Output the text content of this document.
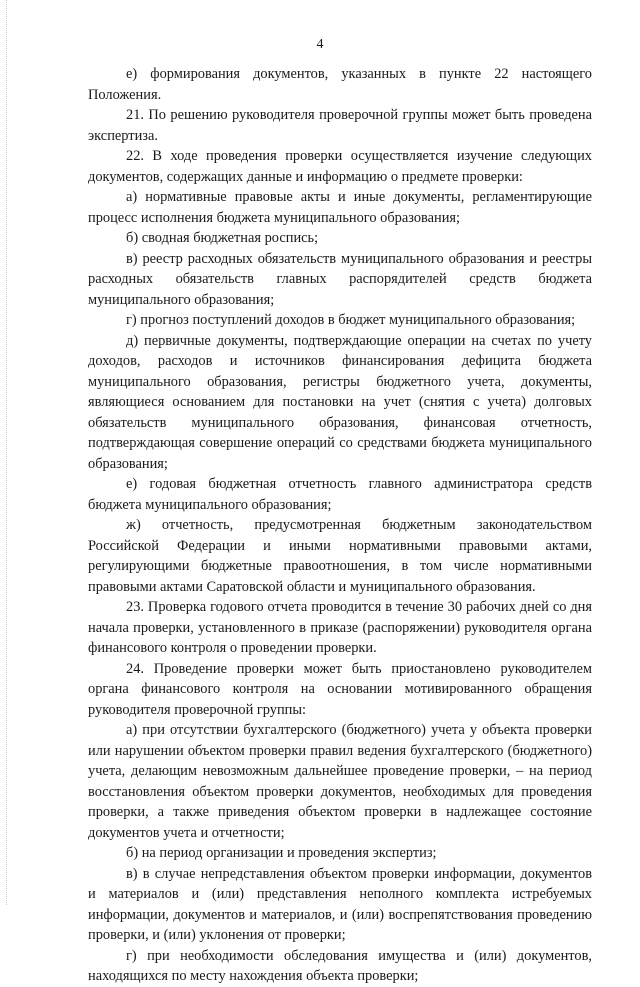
4

е) формирования документов, указанных в пункте 22 настоящего Положения.

21. По решению руководителя проверочной группы может быть проведена экспертиза.

22. В ходе проведения проверки осуществляется изучение следующих документов, содержащих данные и информацию о предмете проверки:

а) нормативные правовые акты и иные документы, регламентирующие процесс исполнения бюджета муниципального образования;

б) сводная бюджетная роспись;

в) реестр расходных обязательств муниципального образования и реестры расходных обязательств главных распорядителей средств бюджета муниципального образования;

г) прогноз поступлений доходов в бюджет муниципального образования;

д) первичные документы, подтверждающие операции на счетах по учету доходов, расходов и источников финансирования дефицита бюджета муниципального образования, регистры бюджетного учета, документы, являющиеся основанием для постановки на учет (снятия с учета) долговых обязательств муниципального образования, финансовая отчетность, подтверждающая совершение операций со средствами бюджета муниципального образования;

е) годовая бюджетная отчетность главного администратора средств бюджета муниципального образования;

ж) отчетность, предусмотренная бюджетным законодательством Российской Федерации и иными нормативными правовыми актами, регулирующими бюджетные правоотношения, в том числе нормативными правовыми актами Саратовской области и муниципального образования.

23. Проверка годового отчета проводится в течение 30 рабочих дней со дня начала проверки, установленного в приказе (распоряжении) руководителя органа финансового контроля о проведении проверки.

24. Проведение проверки может быть приостановлено руководителем органа финансового контроля на основании мотивированного обращения руководителя проверочной группы:

а) при отсутствии бухгалтерского (бюджетного) учета у объекта проверки или нарушении объектом проверки правил ведения бухгалтерского (бюджетного) учета, делающим невозможным дальнейшее проведение проверки, – на период восстановления объектом проверки документов, необходимых для проведения проверки, а также приведения объектом проверки в надлежащее состояние документов учета и отчетности;

б) на период организации и проведения экспертиз;

в) в случае непредставления объектом проверки информации, документов и материалов и (или) представления неполного комплекта истребуемых информации, документов и материалов, и (или) воспрепятствования проведению проверки, и (или) уклонения от проверки;

г) при необходимости обследования имущества и (или) документов, находящихся по месту нахождения объекта проверки;
